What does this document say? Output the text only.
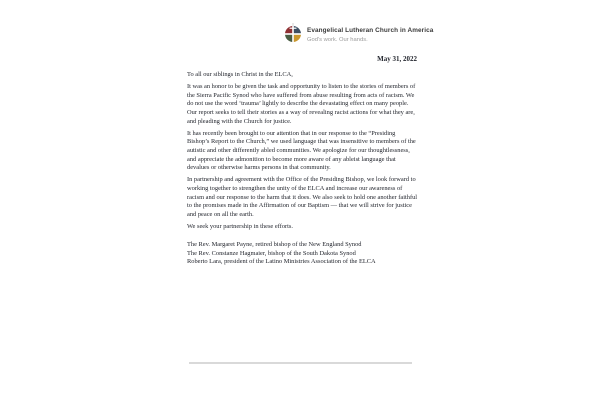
Evangelical Lutheran Church in America
God's work. Our hands.
May 31, 2022

To all our siblings in Christ in the ELCA,

It was an honor to be given the task and opportunity to listen to the stories of members of the Sierra Pacific Synod who have suffered from abuse resulting from acts of racism. We do not use the word ‘trauma’ lightly to describe the devastating effect on many people. Our report seeks to tell their stories as a way of revealing racist actions for what they are, and pleading with the Church for justice.

It has recently been brought to our attention that in our response to the “Presiding Bishop’s Report to the Church,” we used language that was insensitive to members of the autistic and other differently abled communities. We apologize for our thoughtlessness, and appreciate the admonition to become more aware of any ableist language that devalues or otherwise harms persons in that community.

In partnership and agreement with the Office of the Presiding Bishop, we look forward to working together to strengthen the unity of the ELCA and increase our awareness of racism and our response to the harm that it does. We also seek to hold one another faithful to the promises made in the Affirmation of our Baptism — that we will strive for justice and peace on all the earth.

We seek your partnership in these efforts.

The Rev. Margaret Payne, retired bishop of the New England Synod
The Rev. Constanze Hagmaier, bishop of the South Dakota Synod
Roberto Lara, president of the Latino Ministries Association of the ELCA
